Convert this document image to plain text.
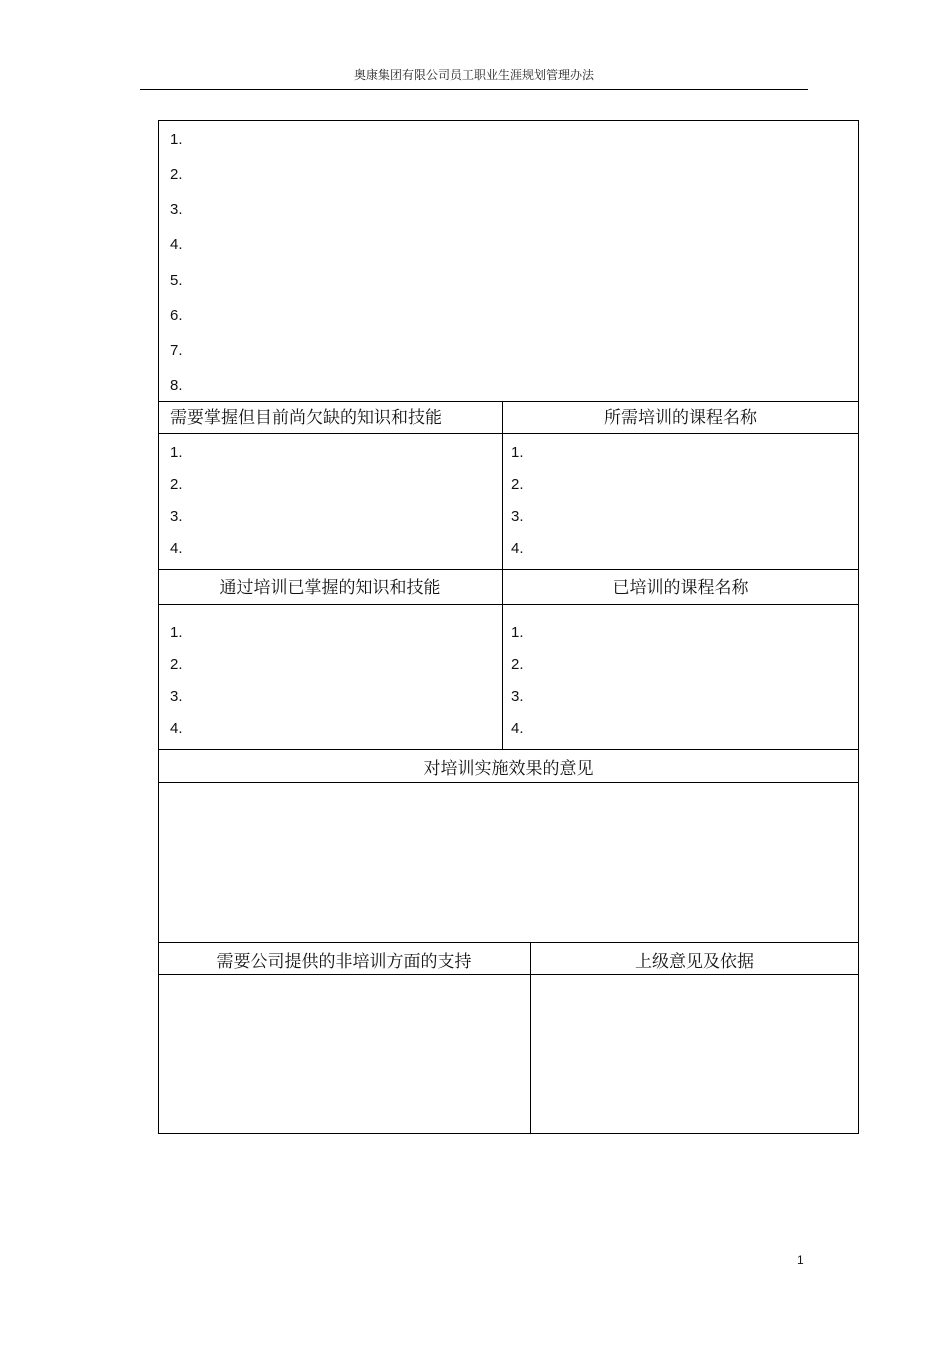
奥康集团有限公司员工职业生涯规划管理办法
1.
2.
3.
4.
5.
6.
7.
8.
需要掌握但目前尚欠缺的知识和技能	所需培训的课程名称
1.
2.
3.
4.
1.
2.
3.
4.
通过培训已掌握的知识和技能	已培训的课程名称
1.
2.
3.
4.
1.
2.
3.
4.
对培训实施效果的意见
需要公司提供的非培训方面的支持	上级意见及依据
1
